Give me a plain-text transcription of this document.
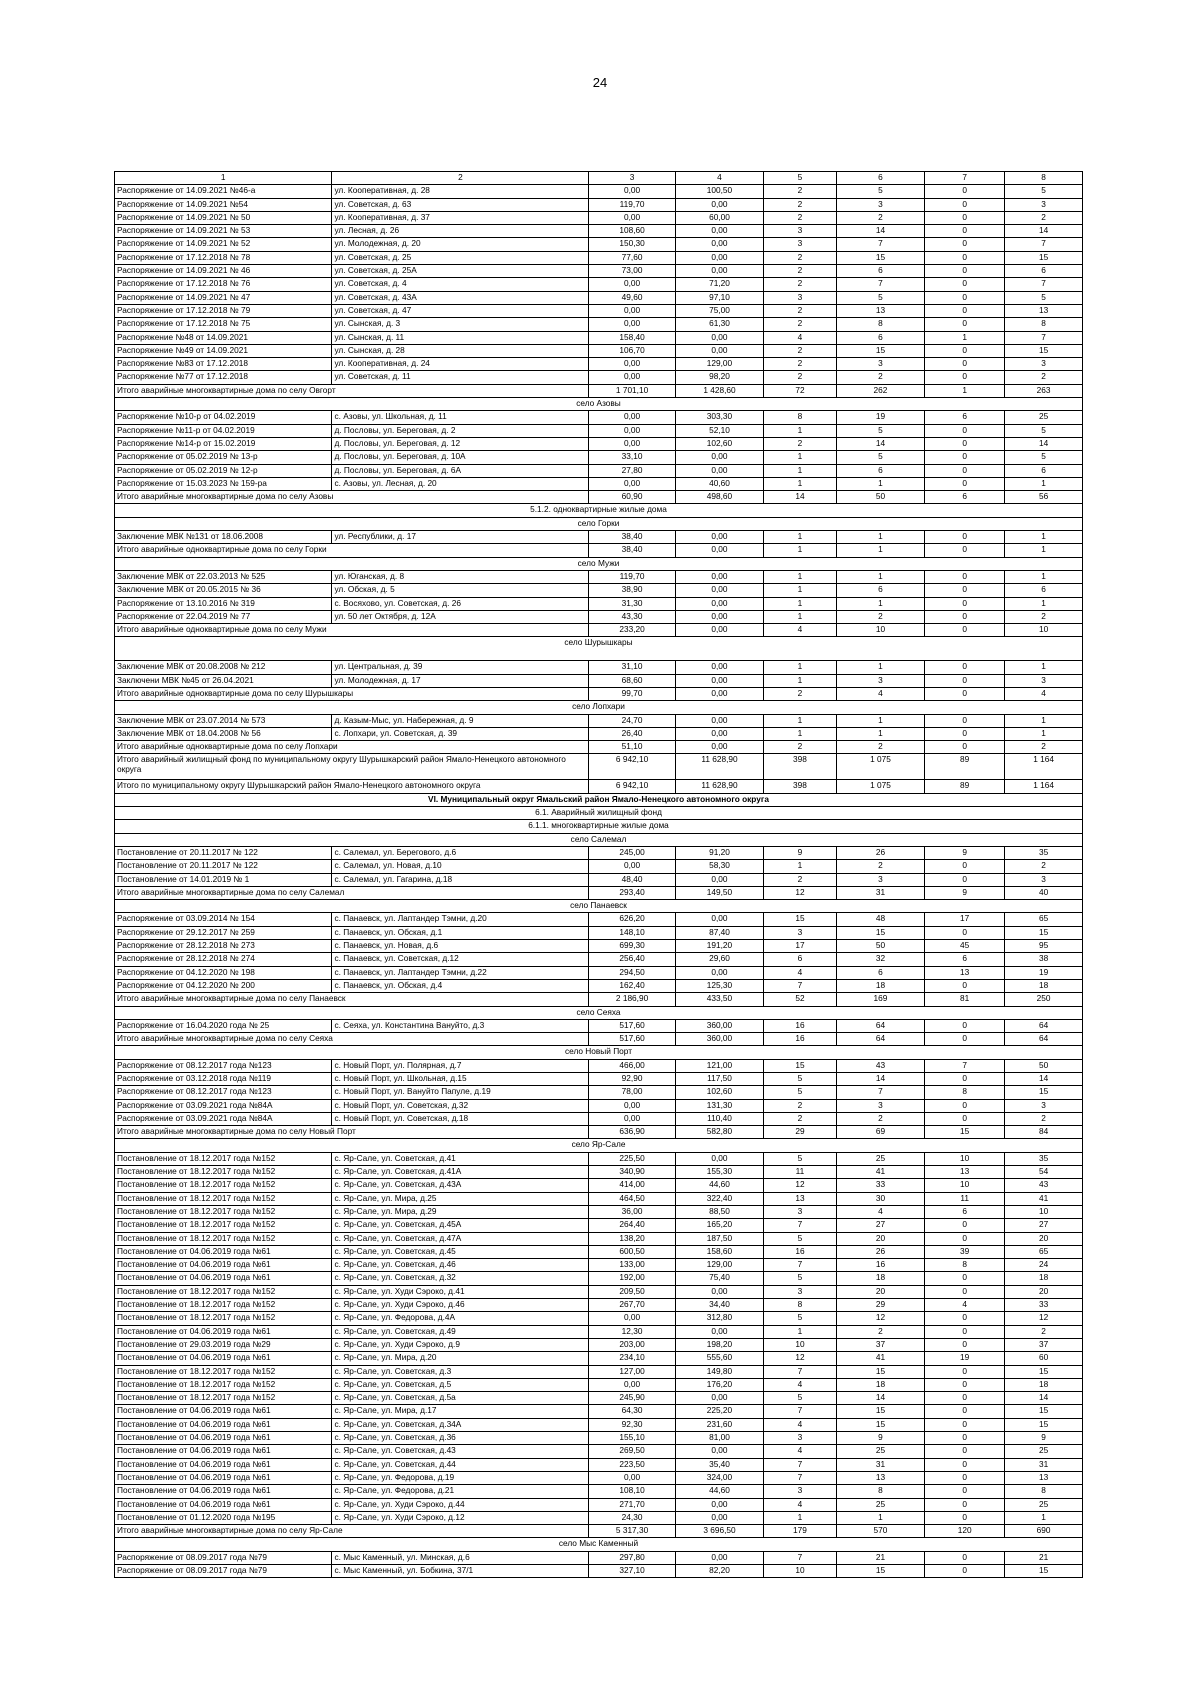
24
1	2	3	4	5	6	7	8
Распоряжение от 14.09.2021 №46-а	ул. Кооперативная, д. 28	0,00	100,50	2	5	0	5
Распоряжение от 14.09.2021 №54	ул. Советская, д. 63	119,70	0,00	2	3	0	3
Распоряжение от 14.09.2021 № 50	ул. Кооперативная, д. 37	0,00	60,00	2	2	0	2
Распоряжение от 14.09.2021 № 53	ул. Лесная, д. 26	108,60	0,00	3	14	0	14
Распоряжение от 14.09.2021 № 52	ул. Молодежная, д. 20	150,30	0,00	3	7	0	7
Распоряжение от 17.12.2018 № 78	ул. Советская, д. 25	77,60	0,00	2	15	0	15
Распоряжение от 14.09.2021 № 46	ул. Советская, д. 25А	73,00	0,00	2	6	0	6
Распоряжение от 17.12.2018 № 76	ул. Советская, д. 4	0,00	71,20	2	7	0	7
Распоряжение от 14.09.2021 № 47	ул. Советская, д. 43А	49,60	97,10	3	5	0	5
Распоряжение от 17.12.2018 № 79	ул. Советская, д. 47	0,00	75,00	2	13	0	13
Распоряжение от 17.12.2018 № 75	ул. Сынская, д. 3	0,00	61,30	2	8	0	8
Распоряжение №48 от 14.09.2021	ул. Сынская, д. 11	158,40	0,00	4	6	1	7
Распоряжение №49 от 14.09.2021	ул. Сынская, д. 28	106,70	0,00	2	15	0	15
Распоряжение №83 от 17.12.2018	ул. Кооперативная, д. 24	0,00	129,00	2	3	0	3
Распоряжение №77 от 17.12.2018	ул. Советская, д. 11	0,00	98,20	2	2	0	2
Итого аварийные многоквартирные дома по селу Овгорт		1 701,10	1 428,60	72	262	1	263
село Азовы							
Распоряжение №10-р от 04.02.2019	с. Азовы, ул. Школьная, д. 11	0,00	303,30	8	19	6	25
Распоряжение №11-р от 04.02.2019	д. Пословы, ул. Береговая, д. 2	0,00	52,10	1	5	0	5
Распоряжение №14-р от 15.02.2019	д. Пословы, ул. Береговая, д. 12	0,00	102,60	2	14	0	14
Распоряжение от 05.02.2019 № 13-р	д. Пословы, ул. Береговая, д. 10А	33,10	0,00	1	5	0	5
Распоряжение от 05.02.2019 № 12-р	д. Пословы, ул. Береговая, д. 6А	27,80	0,00	1	6	0	6
Распоряжение от 15.03.2023 № 159-ра	с. Азовы, ул. Лесная, д. 20	0,00	40,60	1	1	0	1
Итого аварийные многоквартирные дома по селу Азовы		60,90	498,60	14	50	6	56
5.1.2. одноквартирные жилые дома							
село Горки							
Заключение МВК №131 от 18.06.2008	ул. Республики, д. 17	38,40	0,00	1	1	0	1
Итого аварийные одноквартирные дома по селу Горки		38,40	0,00	1	1	0	1
село Мужи							
Заключение МВК от 22.03.2013 № 525	ул. Юганская, д. 8	119,70	0,00	1	1	0	1
Заключение МВК от 20.05.2015 № 36	ул. Обская, д. 5	38,90	0,00	1	6	0	6
Распоряжение от 13.10.2016 № 319	с. Восяхово, ул. Советская, д. 26	31,30	0,00	1	1	0	1
Распоряжение от 22.04.2019 № 77	ул. 50 лет Октября, д. 12А	43,30	0,00	1	2	0	2
Итого аварийные одноквартирные дома по селу Мужи		233,20	0,00	4	10	0	10
село Шурышкары							
Заключение МВК от 20.08.2008 № 212	ул. Центральная, д. 39	31,10	0,00	1	1	0	1
Заключени МВК №45 от 26.04.2021	ул. Молодежная, д. 17	68,60	0,00	1	3	0	3
Итого аварийные одноквартирные дома по селу Шурышкары		99,70	0,00	2	4	0	4
село Лопхари							
Заключение МВК от 23.07.2014 № 573	д. Казым-Мыс, ул. Набережная, д. 9	24,70	0,00	1	1	0	1
Заключение МВК от 18.04.2008 № 56	с. Лопхари, ул. Советская, д. 39	26,40	0,00	1	1	0	1
Итого аварийные одноквартирные дома по селу Лопхари		51,10	0,00	2	2	0	2
Итого аварийный жилищный фонд по муниципальному округу Шурышкарский район Ямало-Ненецкого автономного округа		6 942,10	11 628,90	398	1 075	89	1 164
Итого по муниципальному округу Шурышкарский район Ямало-Ненецкого автономного округа		6 942,10	11 628,90	398	1 075	89	1 164
VI. Муниципальный округ Ямальский район Ямало-Ненецкого автономного округа							
6.1. Аварийный жилищный фонд							
6.1.1. многоквартирные жилые дома							
село Салемал							
Постановление от 20.11.2017 № 122	с. Салемал, ул. Берегового, д.6	245,00	91,20	9	26	9	35
Постановление от 20.11.2017 № 122	с. Салемал, ул. Новая, д.10	0,00	58,30	1	2	0	2
Постановление от 14.01.2019 № 1	с. Салемал, ул. Гагарина, д.18	48,40	0,00	2	3	0	3
Итого аварийные многоквартирные дома по селу Салемал		293,40	149,50	12	31	9	40
село Панаевск							
Распоряжение от 03.09.2014 № 154	с. Панаевск, ул. Лаптандер Тэмни, д.20	626,20	0,00	15	48	17	65
Распоряжение от 29.12.2017 № 259	с. Панаевск, ул. Обская, д.1	148,10	87,40	3	15	0	15
Распоряжение от 28.12.2018 № 273	с. Панаевск, ул. Новая, д.6	699,30	191,20	17	50	45	95
Распоряжение от 28.12.2018 № 274	с. Панаевск, ул. Советская, д.12	256,40	29,60	6	32	6	38
Распоряжение от 04.12.2020 № 198	с. Панаевск, ул. Лаптандер Тэмни, д.22	294,50	0,00	4	6	13	19
Распоряжение от 04.12.2020 № 200	с. Панаевск, ул. Обская, д.4	162,40	125,30	7	18	0	18
Итого аварийные многоквартирные дома по селу Панаевск		2 186,90	433,50	52	169	81	250
село Сеяха							
Распоряжение от 16.04.2020 года № 25	с. Сеяха, ул. Константина Вануйто, д.3	517,60	360,00	16	64	0	64
Итого аварийные многоквартирные дома по селу Сеяха		517,60	360,00	16	64	0	64
село Новый Порт							
Распоряжение от 08.12.2017 года №123	с. Новый Порт, ул. Полярная, д.7	466,00	121,00	15	43	7	50
Распоряжение от 03.12.2018 года №119	с. Новый Порт, ул. Школьная, д.15	92,90	117,50	5	14	0	14
Распоряжение от 08.12.2017 года №123	с. Новый Порт, ул. Вануйто Папуле, д.19	78,00	102,60	5	7	8	15
Распоряжение от 03.09.2021 года №84А	с. Новый Порт, ул. Советская, д.32	0,00	131,30	2	3	0	3
Распоряжение от 03.09.2021 года №84А	с. Новый Порт, ул. Советская, д.18	0,00	110,40	2	2	0	2
Итого аварийные многоквартирные дома по селу Новый Порт		636,90	582,80	29	69	15	84
село Яр-Сале							
Постановление от 18.12.2017 года №152	с. Яр-Сале, ул. Советская, д.41	225,50	0,00	5	25	10	35
Постановление от 18.12.2017 года №152	с. Яр-Сале, ул. Советская, д.41А	340,90	155,30	11	41	13	54
Постановление от 18.12.2017 года №152	с. Яр-Сале, ул. Советская, д.43А	414,00	44,60	12	33	10	43
Постановление от 18.12.2017 года №152	с. Яр-Сале, ул. Мира, д.25	464,50	322,40	13	30	11	41
Постановление от 18.12.2017 года №152	с. Яр-Сале, ул. Мира, д.29	36,00	88,50	3	4	6	10
Постановление от 18.12.2017 года №152	с. Яр-Сале, ул. Советская, д.45А	264,40	165,20	7	27	0	27
Постановление от 18.12.2017 года №152	с. Яр-Сале, ул. Советская, д.47А	138,20	187,50	5	20	0	20
Постановление от 04.06.2019 года №61	с. Яр-Сале, ул. Советская, д.45	600,50	158,60	16	26	39	65
Постановление от 04.06.2019 года №61	с. Яр-Сале, ул. Советская, д.46	133,00	129,00	7	16	8	24
Постановление от 04.06.2019 года №61	с. Яр-Сале, ул. Советская, д.32	192,00	75,40	5	18	0	18
Постановление от 18.12.2017 года №152	с. Яр-Сале, ул. Худи Сэроко, д.41	209,50	0,00	3	20	0	20
Постановление от 18.12.2017 года №152	с. Яр-Сале, ул. Худи Сэроко, д.46	267,70	34,40	8	29	4	33
Постановление от 18.12.2017 года №152	с. Яр-Сале, ул. Федорова, д.4А	0,00	312,80	5	12	0	12
Постановление от 04.06.2019 года №61	с. Яр-Сале, ул. Советская, д.49	12,30	0,00	1	2	0	2
Постановление от 29.03.2019 года №29	с. Яр-Сале, ул. Худи Сэроко, д.9	203,00	198,20	10	37	0	37
Постановление от 04.06.2019 года №61	с. Яр-Сале, ул. Мира, д.20	234,10	555,60	12	41	19	60
Постановление от 18.12.2017 года №152	с. Яр-Сале, ул. Советская, д.3	127,00	149,80	7	15	0	15
Постановление от 18.12.2017 года №152	с. Яр-Сале, ул. Советская, д.5	0,00	176,20	4	18	0	18
Постановление от 18.12.2017 года №152	с. Яр-Сале, ул. Советская, д.5а	245,90	0,00	5	14	0	14
Постановление от 04.06.2019 года №61	с. Яр-Сале, ул. Мира, д.17	64,30	225,20	7	15	0	15
Постановление от 04.06.2019 года №61	с. Яр-Сале, ул. Советская, д.34А	92,30	231,60	4	15	0	15
Постановление от 04.06.2019 года №61	с. Яр-Сале, ул. Советская, д.36	155,10	81,00	3	9	0	9
Постановление от 04.06.2019 года №61	с. Яр-Сале, ул. Советская, д.43	269,50	0,00	4	25	0	25
Постановление от 04.06.2019 года №61	с. Яр-Сале, ул. Советская, д.44	223,50	35,40	7	31	0	31
Постановление от 04.06.2019 года №61	с. Яр-Сале, ул. Федорова, д.19	0,00	324,00	7	13	0	13
Постановление от 04.06.2019 года №61	с. Яр-Сале, ул. Федорова, д.21	108,10	44,60	3	8	0	8
Постановление от 04.06.2019 года №61	с. Яр-Сале, ул. Худи Сэроко, д.44	271,70	0,00	4	25	0	25
Постановление от 01.12.2020 года №195	с. Яр-Сале, ул. Худи Сэроко, д.12	24,30	0,00	1	1	0	1
Итого аварийные многоквартирные дома по селу Яр-Сале		5 317,30	3 696,50	179	570	120	690
село Мыс Каменный							
Распоряжение от 08.09.2017 года №79	с. Мыс Каменный, ул. Минская, д.6	297,80	0,00	7	21	0	21
Распоряжение от 08.09.2017 года №79	с. Мыс Каменный, ул. Бобкина, 37/1	327,10	82,20	10	15	0	15
